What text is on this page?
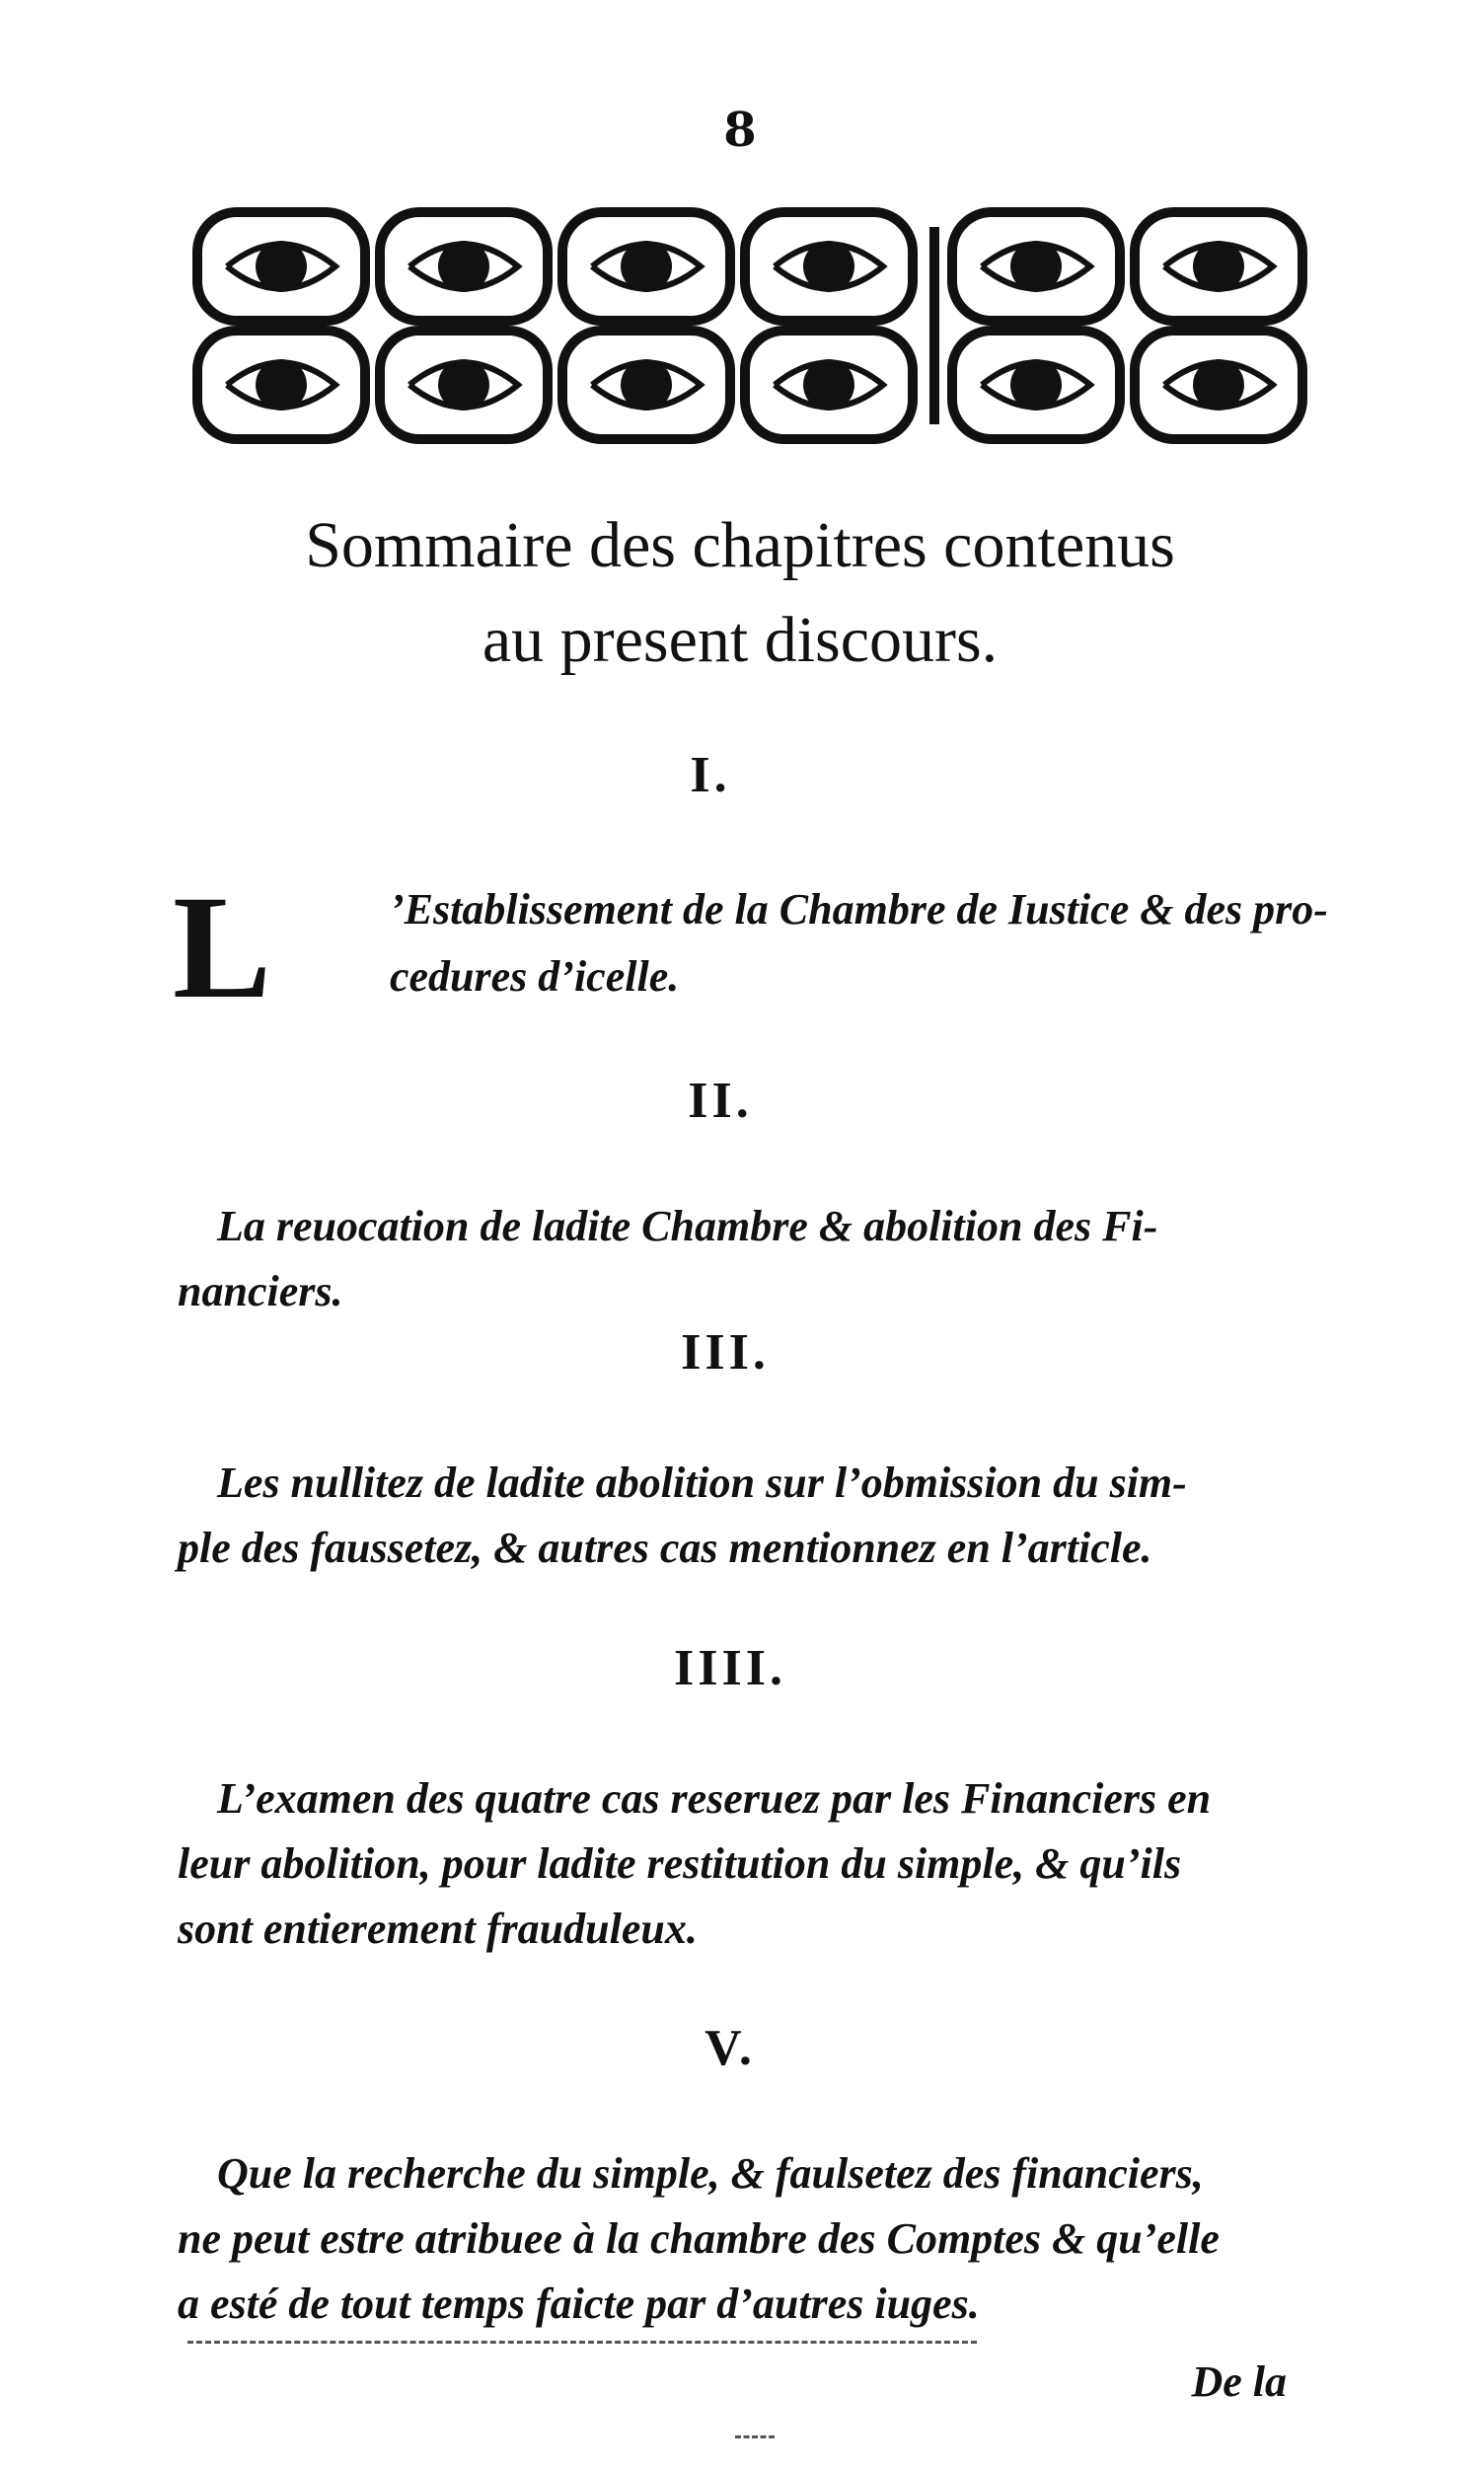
8
Sommaire des chapitres contenus
au present discours.
I.
L	’Establissement de la Chambre de Iustice & des pro-
cedures d’icelle.
II.
La reuocation de ladite Chambre & abolition des Fi-
nanciers.
III.
Les nullitez de ladite abolition sur l’obmission du sim-
ple des faussetez, & autres cas mentionnez en l’article.
IIII.
L’examen des quatre cas reseruez par les Financiers en
leur abolition, pour ladite restitution du simple, & qu’ils
sont entierement frauduleux.
V.
Que la recherche du simple, & faulsetez des financiers,
ne peut estre atribuee à la chambre des Comptes & qu’elle
a esté de tout temps faicte par d’autres iuges.
De la
